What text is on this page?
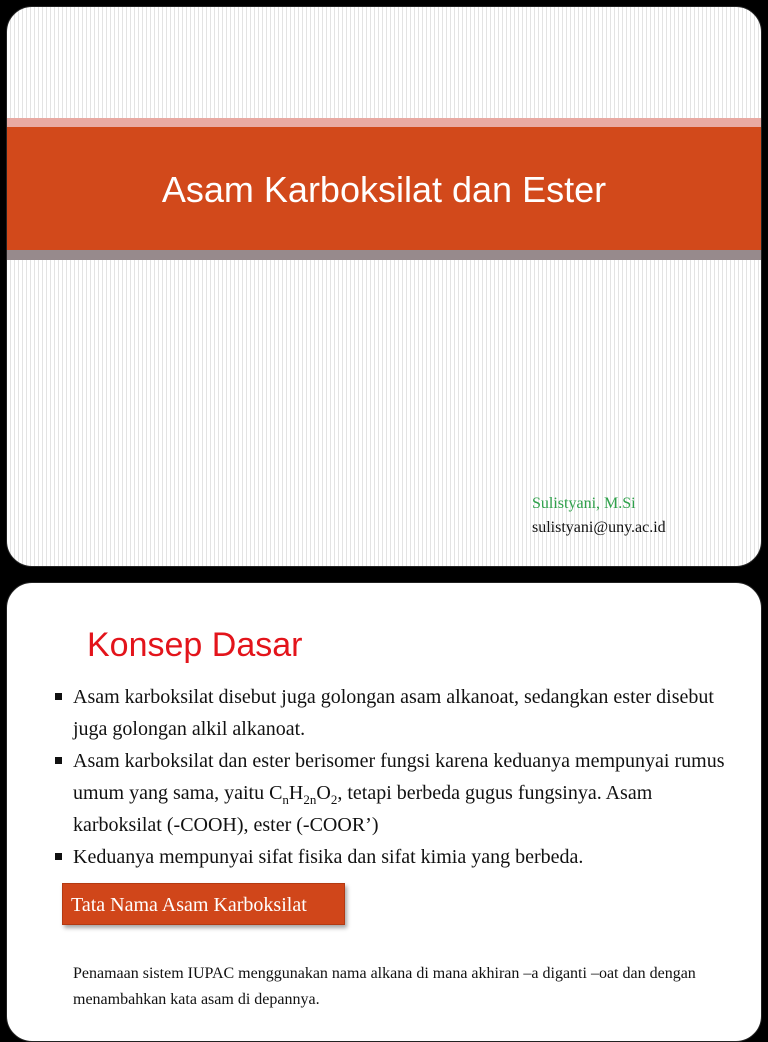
Asam Karboksilat dan Ester
Sulistyani, M.Si
sulistyani@uny.ac.id
Konsep Dasar
Asam karboksilat disebut juga golongan asam alkanoat, sedangkan ester disebut juga golongan alkil alkanoat.
Asam karboksilat dan ester berisomer fungsi karena keduanya mempunyai rumus umum yang sama, yaitu $C_nH_{2n}O_2$, tetapi berbeda gugus fungsinya. Asam karboksilat (-COOH), ester (-COOR’)
Keduanya mempunyai sifat fisika dan sifat kimia yang berbeda.
Tata Nama Asam Karboksilat
Penamaan sistem IUPAC menggunakan nama alkana di mana akhiran –a diganti –oat dan dengan menambahkan kata asam di depannya.
